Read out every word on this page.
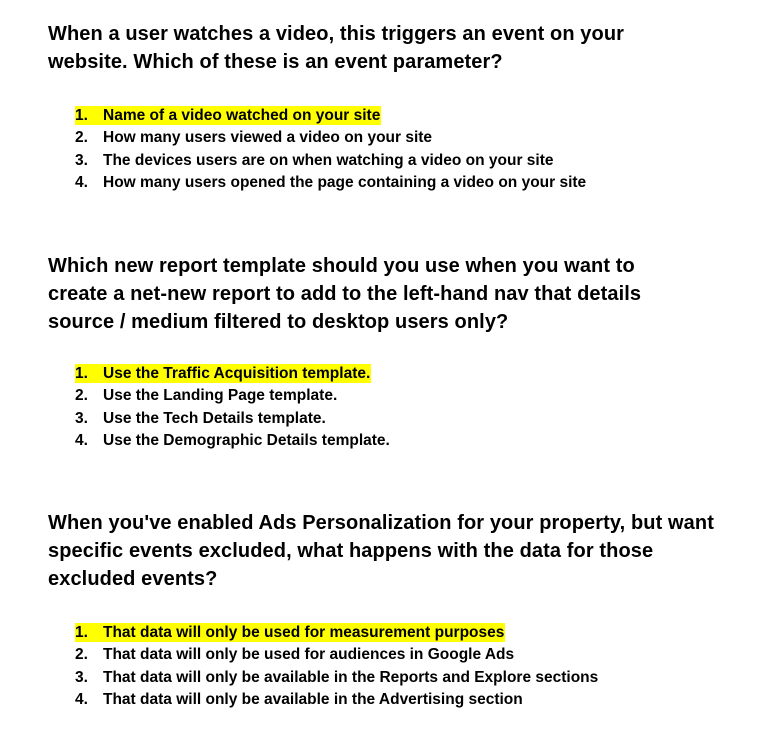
When a user watches a video, this triggers an event on your website. Which of these is an event parameter?

1. Name of a video watched on your site
2. How many users viewed a video on your site
3. The devices users are on when watching a video on your site
4. How many users opened the page containing a video on your site

Which new report template should you use when you want to create a net-new report to add to the left-hand nav that details source / medium filtered to desktop users only?

1. Use the Traffic Acquisition template.
2. Use the Landing Page template.
3. Use the Tech Details template.
4. Use the Demographic Details template.

When you've enabled Ads Personalization for your property, but want specific events excluded, what happens with the data for those excluded events?

1. That data will only be used for measurement purposes
2. That data will only be used for audiences in Google Ads
3. That data will only be available in the Reports and Explore sections
4. That data will only be available in the Advertising section
